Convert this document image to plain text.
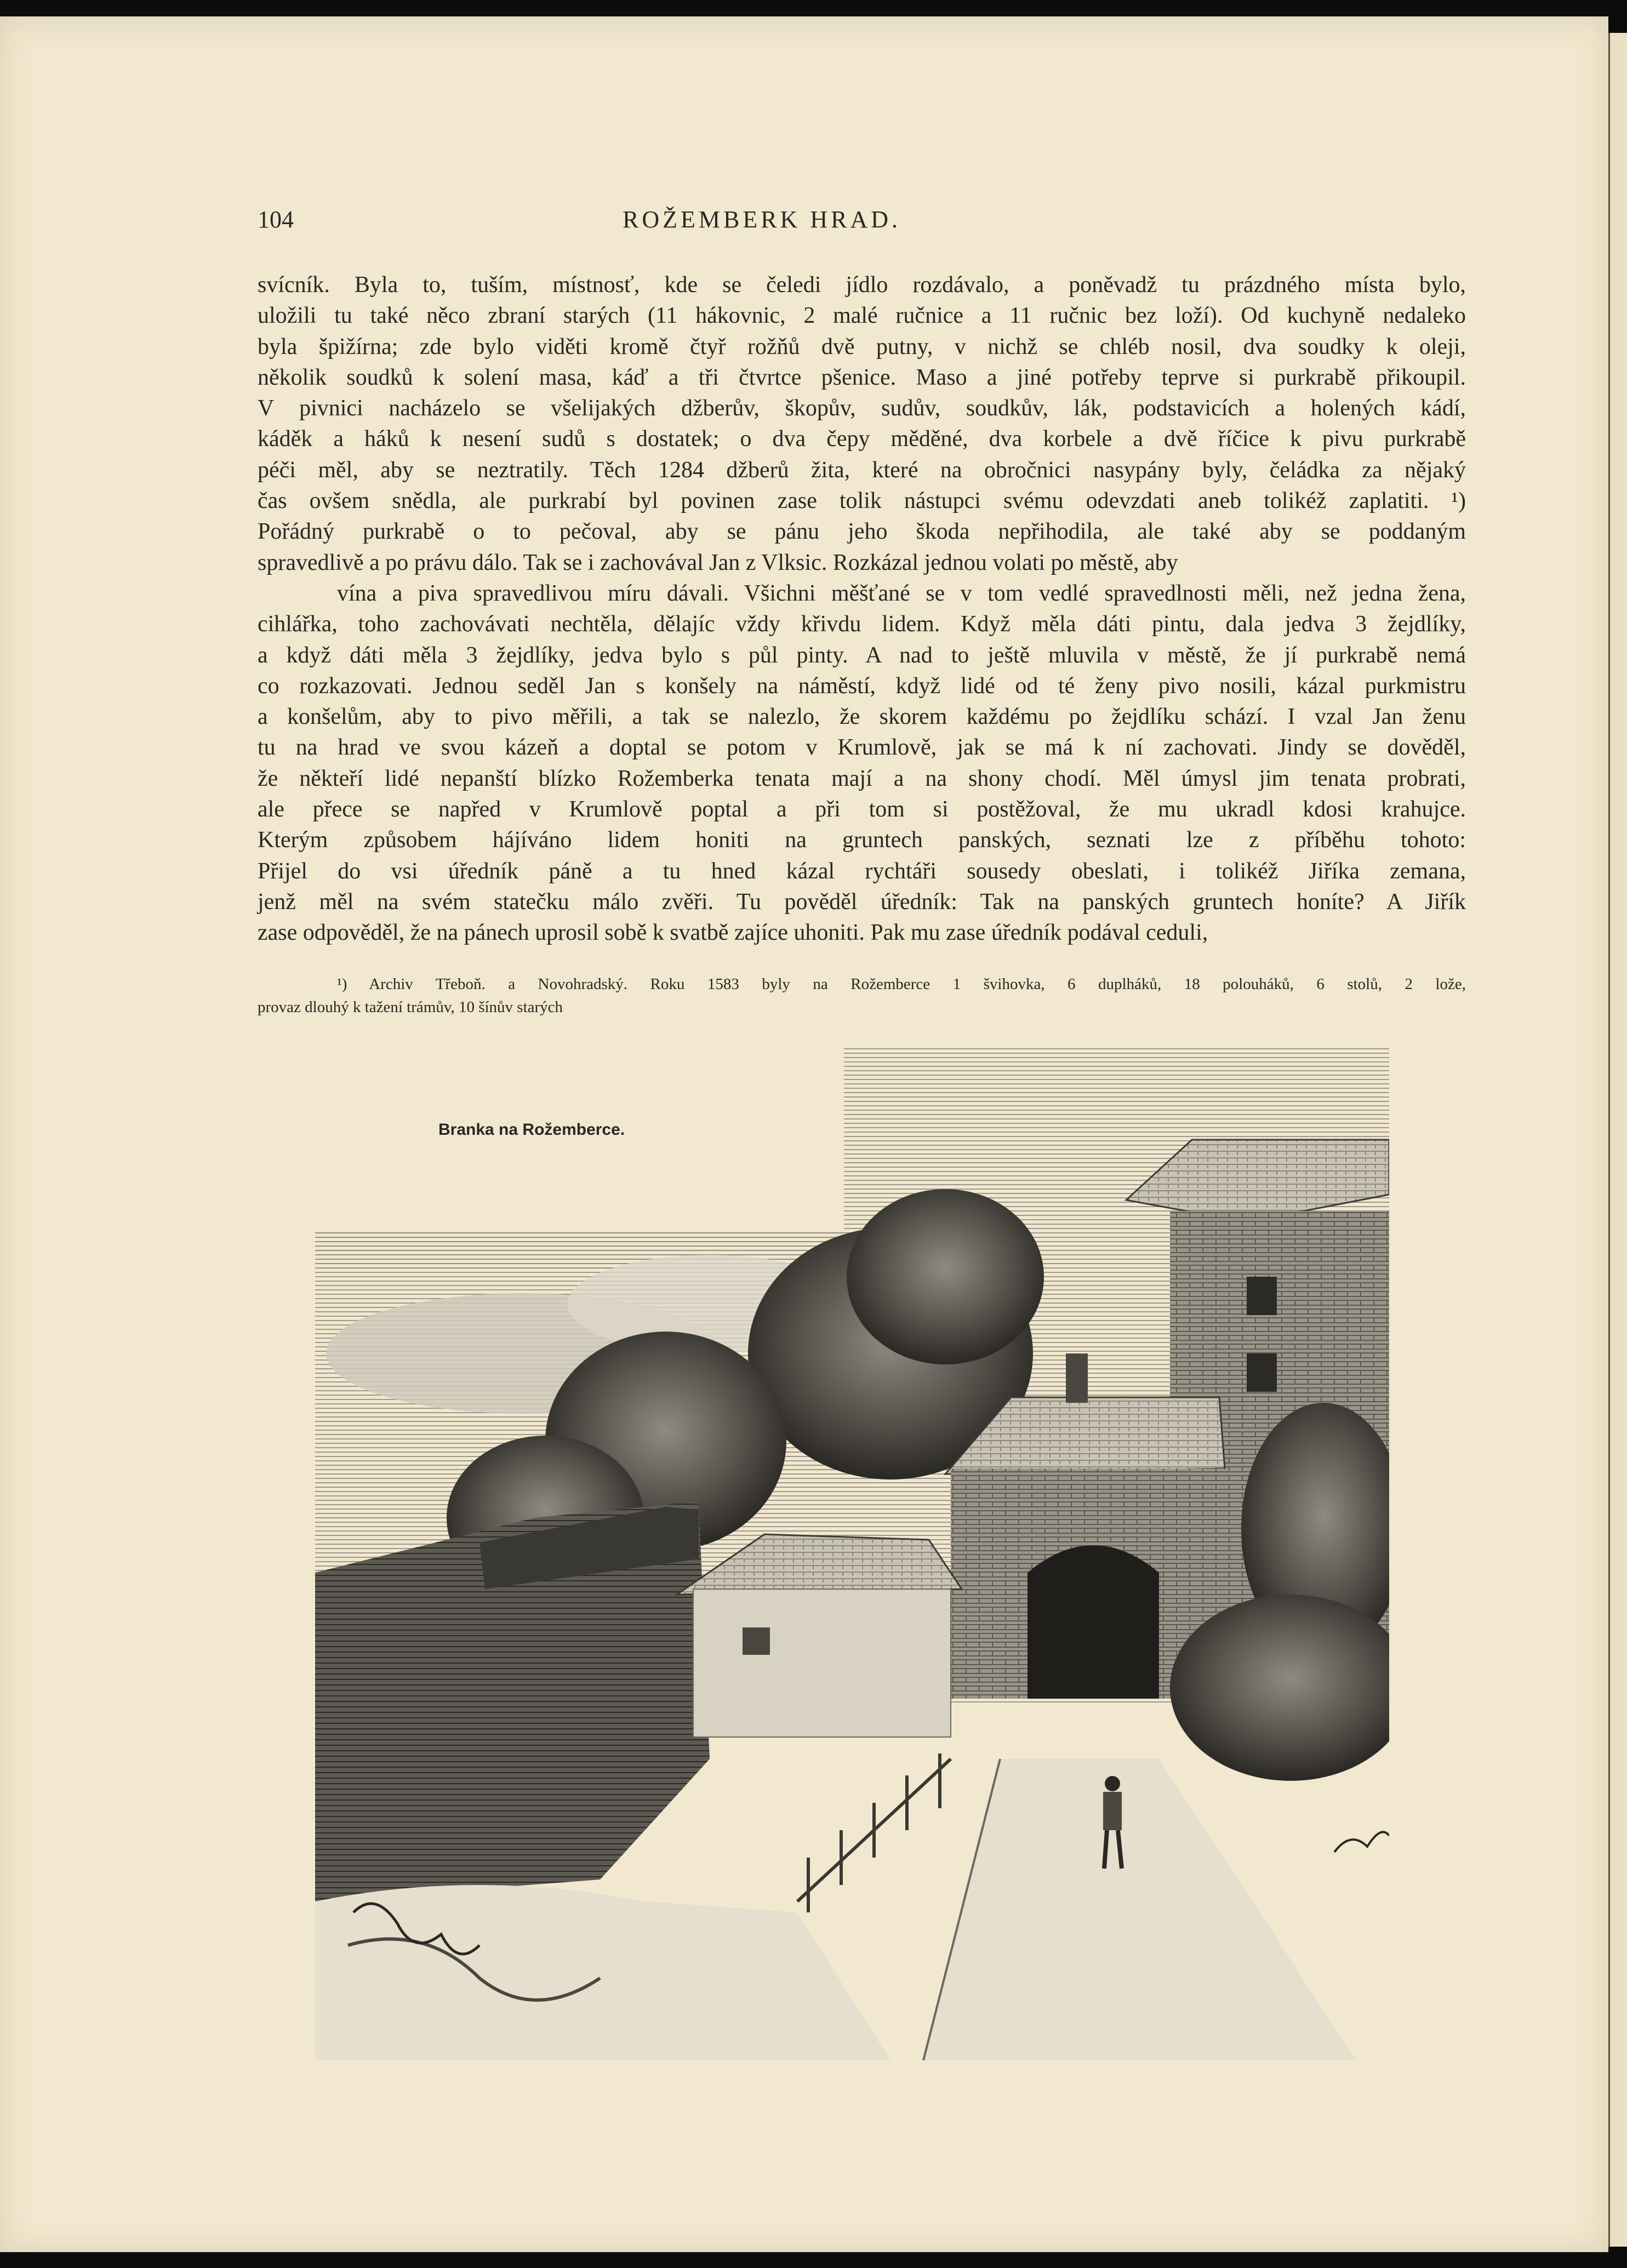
104	ROŽEMBERK HRAD.

svícník. Byla to, tuším, místnosť, kde se čeledi jídlo rozdávalo, a poněvadž tu prázdného místa bylo,

uložili tu také něco zbraní starých (11 hákovnic, 2 malé ručnice a 11 ručnic bez loží). Od kuchyně nedaleko

byla špižírna; zde bylo viděti kromě čtyř rožňů dvě putny, v nichž se chléb nosil, dva soudky k oleji,

několik soudků k solení masa, káď a tři čtvrtce pšenice. Maso a jiné potřeby teprve si purkrabě přikoupil.

V pivnici nacházelo se všelijakých džberův, škopův, sudův, soudkův, lák, podstavicích a holených kádí,

káděk a háků k nesení sudů s dostatek; o dva čepy měděné, dva korbele a dvě říčice k pivu purkrabě

péči měl, aby se neztratily. Těch 1284 džberů žita, které na obročnici nasypány byly, čeládka za nějaký

čas ovšem snědla, ale purkrabí byl povinen zase tolik nástupci svému odevzdati aneb tolikéž zaplatiti. ¹)

Pořádný purkrabě o to pečoval, aby se pánu jeho škoda nepřihodila, ale také aby se poddaným

spravedlivě a po právu dálo. Tak se i zachovával Jan z Vlksic. Rozkázal jednou volati po městě, aby

vína a piva spravedlivou míru dávali. Všichni měšťané se v tom vedlé spravedlnosti měli, než jedna žena,

cihlářka, toho zachovávati nechtěla, dělajíc vždy křivdu lidem. Když měla dáti pintu, dala jedva 3 žejdlíky,

a když dáti měla 3 žejdlíky, jedva bylo s půl pinty. A nad to ještě mluvila v městě, že jí purkrabě nemá

co rozkazovati. Jednou seděl Jan s konšely na náměstí, když lidé od té ženy pivo nosili, kázal purkmistru

a konšelům, aby to pivo měřili, a tak se nalezlo, že skorem každému po žejdlíku schází. I vzal Jan ženu

tu na hrad ve svou kázeň a doptal se potom v Krumlově, jak se má k ní zachovati. Jindy se dověděl,

že někteří lidé nepanští blízko Rožemberka tenata mají a na shony chodí. Měl úmysl jim tenata probrati,

ale přece se napřed v Krumlově poptal a při tom si postěžoval, že mu ukradl kdosi krahujce.

Kterým způsobem hájíváno lidem honiti na gruntech panských, seznati lze z příběhu tohoto:

Přijel do vsi úředník páně a tu hned kázal rychtáři sousedy obeslati, i tolikéž Jiříka zemana,

jenž měl na svém statečku málo zvěři. Tu pověděl úředník: Tak na panských gruntech honíte? A Jiřík

zase odpověděl, že na pánech uprosil sobě k svatbě zajíce uhoniti. Pak mu zase úředník podával ceduli,

¹) Archiv Třeboň. a Novohradský. Roku 1583 byly na Rožemberce 1 švihovka, 6 duplháků, 18 polouháků, 6 stolů, 2 lože,

provaz dlouhý k tažení trámův, 10 šínův starých

Branka na Rožemberce.
